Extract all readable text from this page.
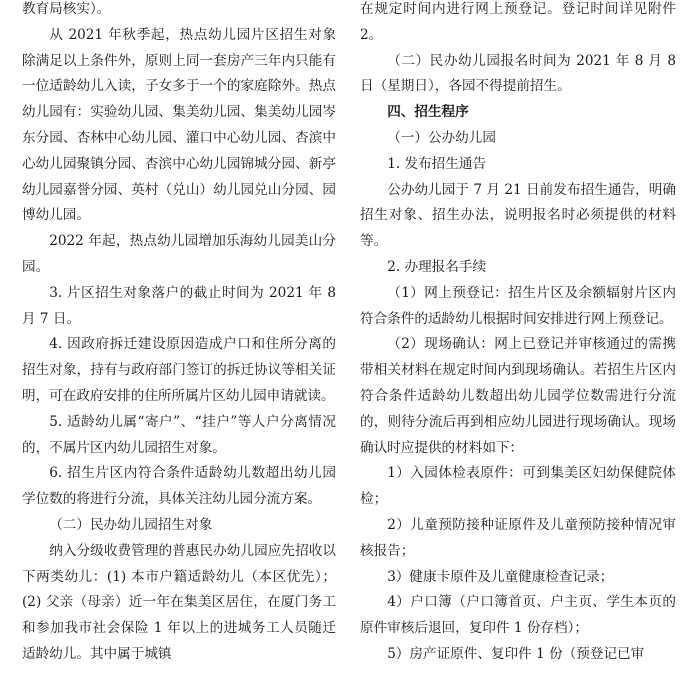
教育局核实）。

从 2021 年秋季起，热点幼儿园片区招生对象除满足以上条件外，原则上同一套房产三年内只能有一位适龄幼儿入读，子女多于一个的家庭除外。热点幼儿园有：实验幼儿园、集美幼儿园、集美幼儿园岑东分园、杏林中心幼儿园、灌口中心幼儿园、杏滨中心幼儿园聚镇分园、杏滨中心幼儿园锦城分园、新亭幼儿园嘉誉分园、英村（兑山）幼儿园兑山分园、园博幼儿园。

2022 年起，热点幼儿园增加乐海幼儿园美山分园。

3. 片区招生对象落户的截止时间为 2021 年 8 月 7 日。

4. 因政府拆迁建设原因造成户口和住所分离的招生对象，持有与政府部门签订的拆迁协议等相关证明，可在政府安排的住所所属片区幼儿园申请就读。

5. 适龄幼儿属“寄户”、“挂户”等人户分离情况的，不属片区内幼儿园招生对象。

6. 招生片区内符合条件适龄幼儿数超出幼儿园学位数的将进行分流，具体关注幼儿园分流方案。

（二）民办幼儿园招生对象

纳入分级收费管理的普惠民办幼儿园应先招收以下两类幼儿：(1) 本市户籍适龄幼儿（本区优先）；(2) 父亲（母亲）近一年在集美区居住，在厦门务工和参加我市社会保险 1 年以上的进城务工人员随迁适龄幼儿。其中属于城镇

在规定时间内进行网上预登记。登记时间详见附件 2。

（二）民办幼儿园报名时间为 2021 年 8 月 8 日（星期日），各园不得提前招生。

四、招生程序

（一）公办幼儿园

1. 发布招生通告

公办幼儿园于 7 月 21 日前发布招生通告，明确招生对象、招生办法，说明报名时必须提供的材料等。

2. 办理报名手续

（1）网上预登记：招生片区及余额辐射片区内符合条件的适龄幼儿根据时间安排进行网上预登记。

（2）现场确认：网上已登记并审核通过的需携带相关材料在规定时间内到现场确认。若招生片区内符合条件适龄幼儿数超出幼儿园学位数需进行分流的，则待分流后再到相应幼儿园进行现场确认。现场确认时应提供的材料如下：

1）入园体检表原件：可到集美区妇幼保健院体检；

2）儿童预防接种证原件及儿童预防接种情况审核报告；

3）健康卡原件及儿童健康检查记录；

4）户口簿（户口簿首页、户主页、学生本页的原件审核后退回，复印件 1 份存档）；

5）房产证原件、复印件 1 份（预登记已审
